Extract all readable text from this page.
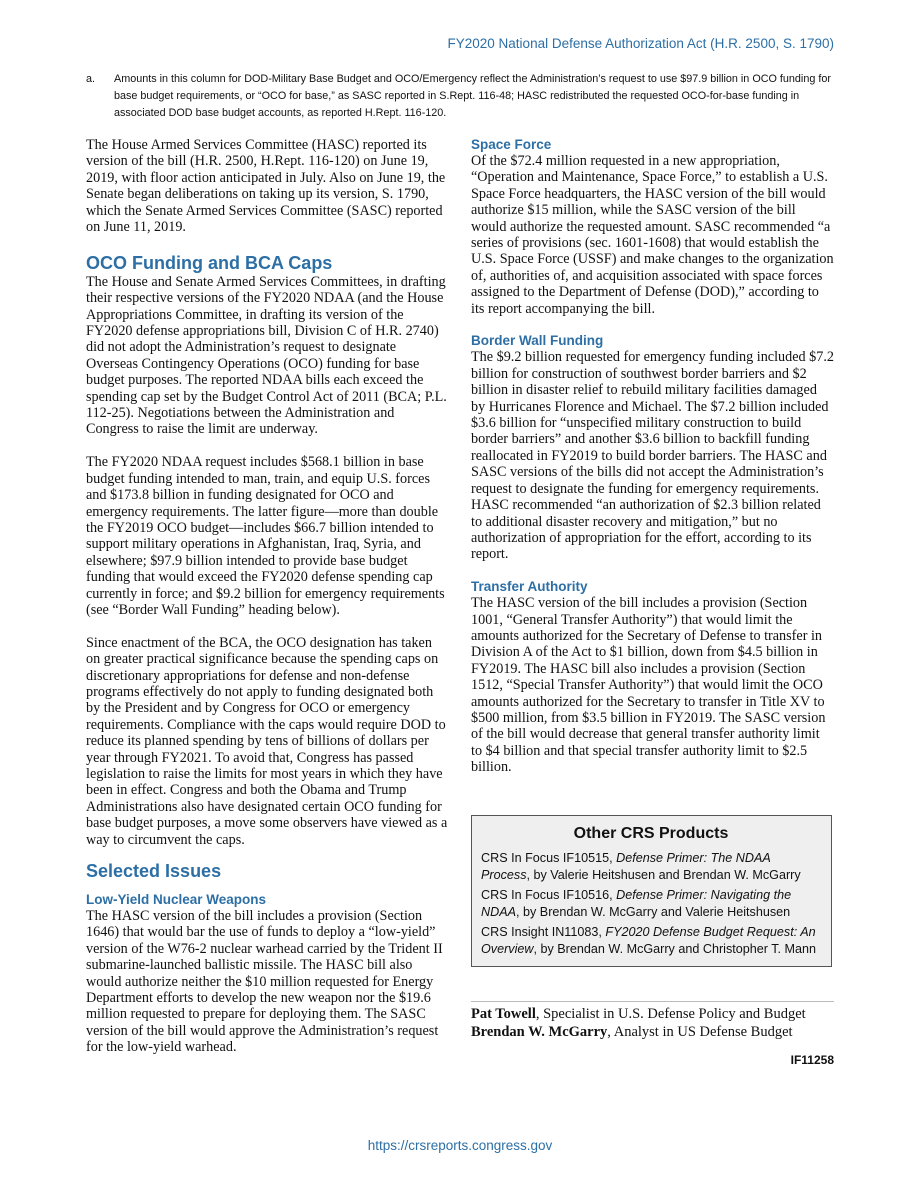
FY2020 National Defense Authorization Act (H.R. 2500, S. 1790)
a. Amounts in this column for DOD-Military Base Budget and OCO/Emergency reflect the Administration’s request to use $97.9 billion in OCO funding for base budget requirements, or “OCO for base,” as SASC reported in S.Rept. 116-48; HASC redistributed the requested OCO-for-base funding in associated DOD base budget accounts, as reported H.Rept. 116-120.

The House Armed Services Committee (HASC) reported its version of the bill (H.R. 2500, H.Rept. 116-120) on June 19, 2019, with floor action anticipated in July. Also on June 19, the Senate began deliberations on taking up its version, S. 1790, which the Senate Armed Services Committee (SASC) reported on June 11, 2019.

OCO Funding and BCA Caps

The House and Senate Armed Services Committees, in drafting their respective versions of the FY2020 NDAA (and the House Appropriations Committee, in drafting its version of the FY2020 defense appropriations bill, Division C of H.R. 2740) did not adopt the Administration’s request to designate Overseas Contingency Operations (OCO) funding for base budget purposes. The reported NDAA bills each exceed the spending cap set by the Budget Control Act of 2011 (BCA; P.L. 112-25). Negotiations between the Administration and Congress to raise the limit are underway.

The FY2020 NDAA request includes $568.1 billion in base budget funding intended to man, train, and equip U.S. forces and $173.8 billion in funding designated for OCO and emergency requirements. The latter figure—more than double the FY2019 OCO budget—includes $66.7 billion intended to support military operations in Afghanistan, Iraq, Syria, and elsewhere; $97.9 billion intended to provide base budget funding that would exceed the FY2020 defense spending cap currently in force; and $9.2 billion for emergency requirements (see “Border Wall Funding” heading below).

Since enactment of the BCA, the OCO designation has taken on greater practical significance because the spending caps on discretionary appropriations for defense and non-defense programs effectively do not apply to funding designated both by the President and by Congress for OCO or emergency requirements. Compliance with the caps would require DOD to reduce its planned spending by tens of billions of dollars per year through FY2021. To avoid that, Congress has passed legislation to raise the limits for most years in which they have been in effect. Congress and both the Obama and Trump Administrations also have designated certain OCO funding for base budget purposes, a move some observers have viewed as a way to circumvent the caps.

Selected Issues
Low-Yield Nuclear Weapons

The HASC version of the bill includes a provision (Section 1646) that would bar the use of funds to deploy a “low-yield” version of the W76-2 nuclear warhead carried by the Trident II submarine-launched ballistic missile. The HASC bill also would authorize neither the $10 million requested for Energy Department efforts to develop the new weapon nor the $19.6 million requested to prepare for deploying them. The SASC version of the bill would approve the Administration’s request for the low-yield warhead.

Space Force

Of the $72.4 million requested in a new appropriation, “Operation and Maintenance, Space Force,” to establish a U.S. Space Force headquarters, the HASC version of the bill would authorize $15 million, while the SASC version of the bill would authorize the requested amount. SASC recommended “a series of provisions (sec. 1601-1608) that would establish the U.S. Space Force (USSF) and make changes to the organization of, authorities of, and acquisition associated with space forces assigned to the Department of Defense (DOD),” according to its report accompanying the bill.

Border Wall Funding

The $9.2 billion requested for emergency funding included $7.2 billion for construction of southwest border barriers and $2 billion in disaster relief to rebuild military facilities damaged by Hurricanes Florence and Michael. The $7.2 billion included $3.6 billion for “unspecified military construction to build border barriers” and another $3.6 billion to backfill funding reallocated in FY2019 to build border barriers. The HASC and SASC versions of the bills did not accept the Administration’s request to designate the funding for emergency requirements. HASC recommended “an authorization of $2.3 billion related to additional disaster recovery and mitigation,” but no authorization of appropriation for the effort, according to its report.

Transfer Authority

The HASC version of the bill includes a provision (Section 1001, “General Transfer Authority”) that would limit the amounts authorized for the Secretary of Defense to transfer in Division A of the Act to $1 billion, down from $4.5 billion in FY2019. The HASC bill also includes a provision (Section 1512, “Special Transfer Authority”) that would limit the OCO amounts authorized for the Secretary to transfer in Title XV to $500 million, from $3.5 billion in FY2019. The SASC version of the bill would decrease that general transfer authority limit to $4 billion and that special transfer authority limit to $2.5 billion.

Other CRS Products
CRS In Focus IF10515, Defense Primer: The NDAA Process, by Valerie Heitshusen and Brendan W. McGarry
CRS In Focus IF10516, Defense Primer: Navigating the NDAA, by Brendan W. McGarry and Valerie Heitshusen
CRS Insight IN11083, FY2020 Defense Budget Request: An Overview, by Brendan W. McGarry and Christopher T. Mann
Pat Towell, Specialist in U.S. Defense Policy and Budget
Brendan W. McGarry, Analyst in US Defense Budget
IF11258
https://crsreports.congress.gov
